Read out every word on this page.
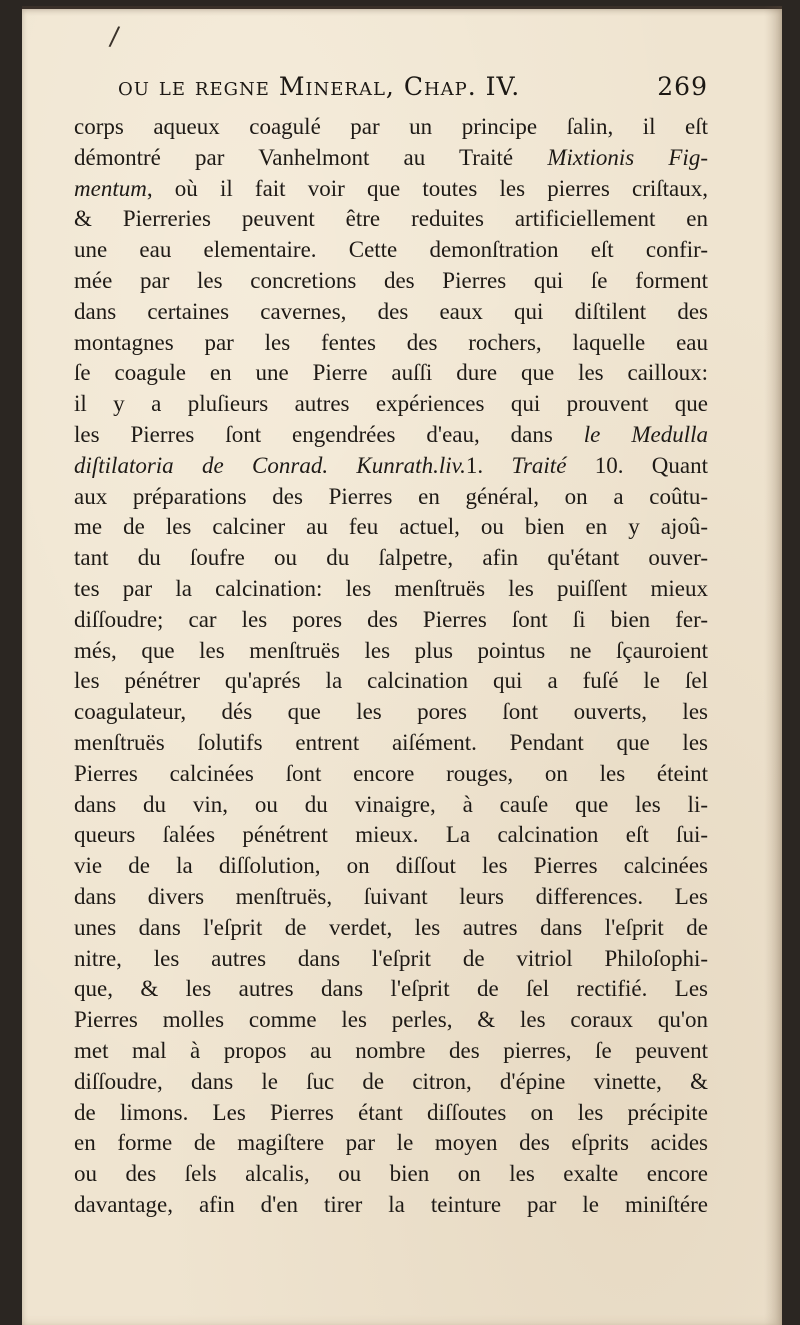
/
ou le regne Mineral, Chap. IV.	269
corps aqueux coagulé par un principe ſalin, il eſt
démontré par Vanhelmont au Traité Mixtionis Fig-
mentum, où il fait voir que toutes les pierres criſtaux,
& Pierreries peuvent être reduites artificiellement en
une eau elementaire. Cette demonſtration eſt confir-
mée par les concretions des Pierres qui ſe forment
dans certaines cavernes, des eaux qui diſtilent des
montagnes par les fentes des rochers, laquelle eau
ſe coagule en une Pierre auſſi dure que les cailloux:
il y a pluſieurs autres expériences qui prouvent que
les Pierres ſont engendrées d'eau, dans le Medulla
diſtilatoria de Conrad. Kunrath.liv.1. Traité 10. Quant
aux préparations des Pierres en général, on a coûtu-
me de les calciner au feu actuel, ou bien en y ajoû-
tant du ſoufre ou du ſalpetre, afin qu'étant ouver-
tes par la calcination: les menſtruës les puiſſent mieux
diſſoudre; car les pores des Pierres ſont ſi bien fer-
més, que les menſtruës les plus pointus ne ſçauroient
les pénétrer qu'aprés la calcination qui a fuſé le ſel
coagulateur, dés que les pores ſont ouverts, les
menſtruës ſolutifs entrent aiſément. Pendant que les
Pierres calcinées ſont encore rouges, on les éteint
dans du vin, ou du vinaigre, à cauſe que les li-
queurs ſalées pénétrent mieux. La calcination eſt ſui-
vie de la diſſolution, on diſſout les Pierres calcinées
dans divers menſtruës, ſuivant leurs differences. Les
unes dans l'eſprit de verdet, les autres dans l'eſprit de
nitre, les autres dans l'eſprit de vitriol Philoſophi-
que, & les autres dans l'eſprit de ſel rectifié. Les
Pierres molles comme les perles, & les coraux qu'on
met mal à propos au nombre des pierres, ſe peuvent
diſſoudre, dans le ſuc de citron, d'épine vinette, &
de limons. Les Pierres étant diſſoutes on les précipite
en forme de magiſtere par le moyen des eſprits acides
ou des ſels alcalis, ou bien on les exalte encore
davantage, afin d'en tirer la teinture par le miniſtére
